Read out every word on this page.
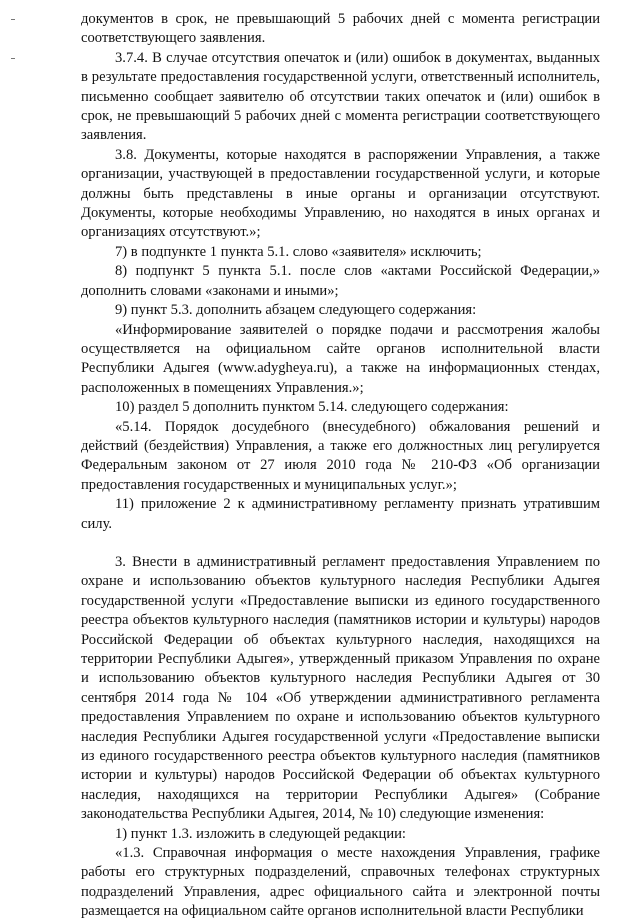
документов в срок, не превышающий 5 рабочих дней с момента регистрации соответствующего заявления.

3.7.4. В случае отсутствия опечаток и (или) ошибок в документах, выданных в результате предоставления государственной услуги, ответственный исполнитель, письменно сообщает заявителю об отсутствии таких опечаток и (или) ошибок в срок, не превышающий 5 рабочих дней с момента регистрации соответствующего заявления.

3.8. Документы, которые находятся в распоряжении Управления, а также организации, участвующей в предоставлении государственной услуги, и которые должны быть представлены в иные органы и организации отсутствуют. Документы, которые необходимы Управлению, но находятся в иных органах и организациях отсутствуют.»;

7) в подпункте 1 пункта 5.1. слово «заявителя» исключить;

8) подпункт 5 пункта 5.1. после слов «актами Российской Федерации,» дополнить словами «законами и иными»;

9) пункт 5.3. дополнить абзацем следующего содержания:

«Информирование заявителей о порядке подачи и рассмотрения жалобы осуществляется на официальном сайте органов исполнительной власти Республики Адыгея (www.adygheya.ru), а также на информационных стендах, расположенных в помещениях Управления.»;

10) раздел 5 дополнить пунктом 5.14. следующего содержания:

«5.14. Порядок досудебного (внесудебного) обжалования решений и действий (бездействия) Управления, а также его должностных лиц регулируется Федеральным законом от 27 июля 2010 года № 210-ФЗ «Об организации предоставления государственных и муниципальных услуг.»;

11) приложение 2 к административному регламенту признать утратившим силу.

3. Внести в административный регламент предоставления Управлением по охране и использованию объектов культурного наследия Республики Адыгея государственной услуги «Предоставление выписки из единого государственного реестра объектов культурного наследия (памятников истории и культуры) народов Российской Федерации об объектах культурного наследия, находящихся на территории Республики Адыгея», утвержденный приказом Управления по охране и использованию объектов культурного наследия Республики Адыгея от 30 сентября 2014 года № 104 «Об утверждении административного регламента предоставления Управлением по охране и использованию объектов культурного наследия Республики Адыгея государственной услуги «Предоставление выписки из единого государственного реестра объектов культурного наследия (памятников истории и культуры) народов Российской Федерации об объектах культурного наследия, находящихся на территории Республики Адыгея» (Собрание законодательства Республики Адыгея, 2014, № 10) следующие изменения:

1) пункт 1.3. изложить в следующей редакции:

«1.3. Справочная информация о месте нахождения Управления, графике работы его структурных подразделений, справочных телефонах структурных подразделений Управления, адрес официального сайта и электронной почты размещается на официальном сайте органов исполнительной власти Республики
